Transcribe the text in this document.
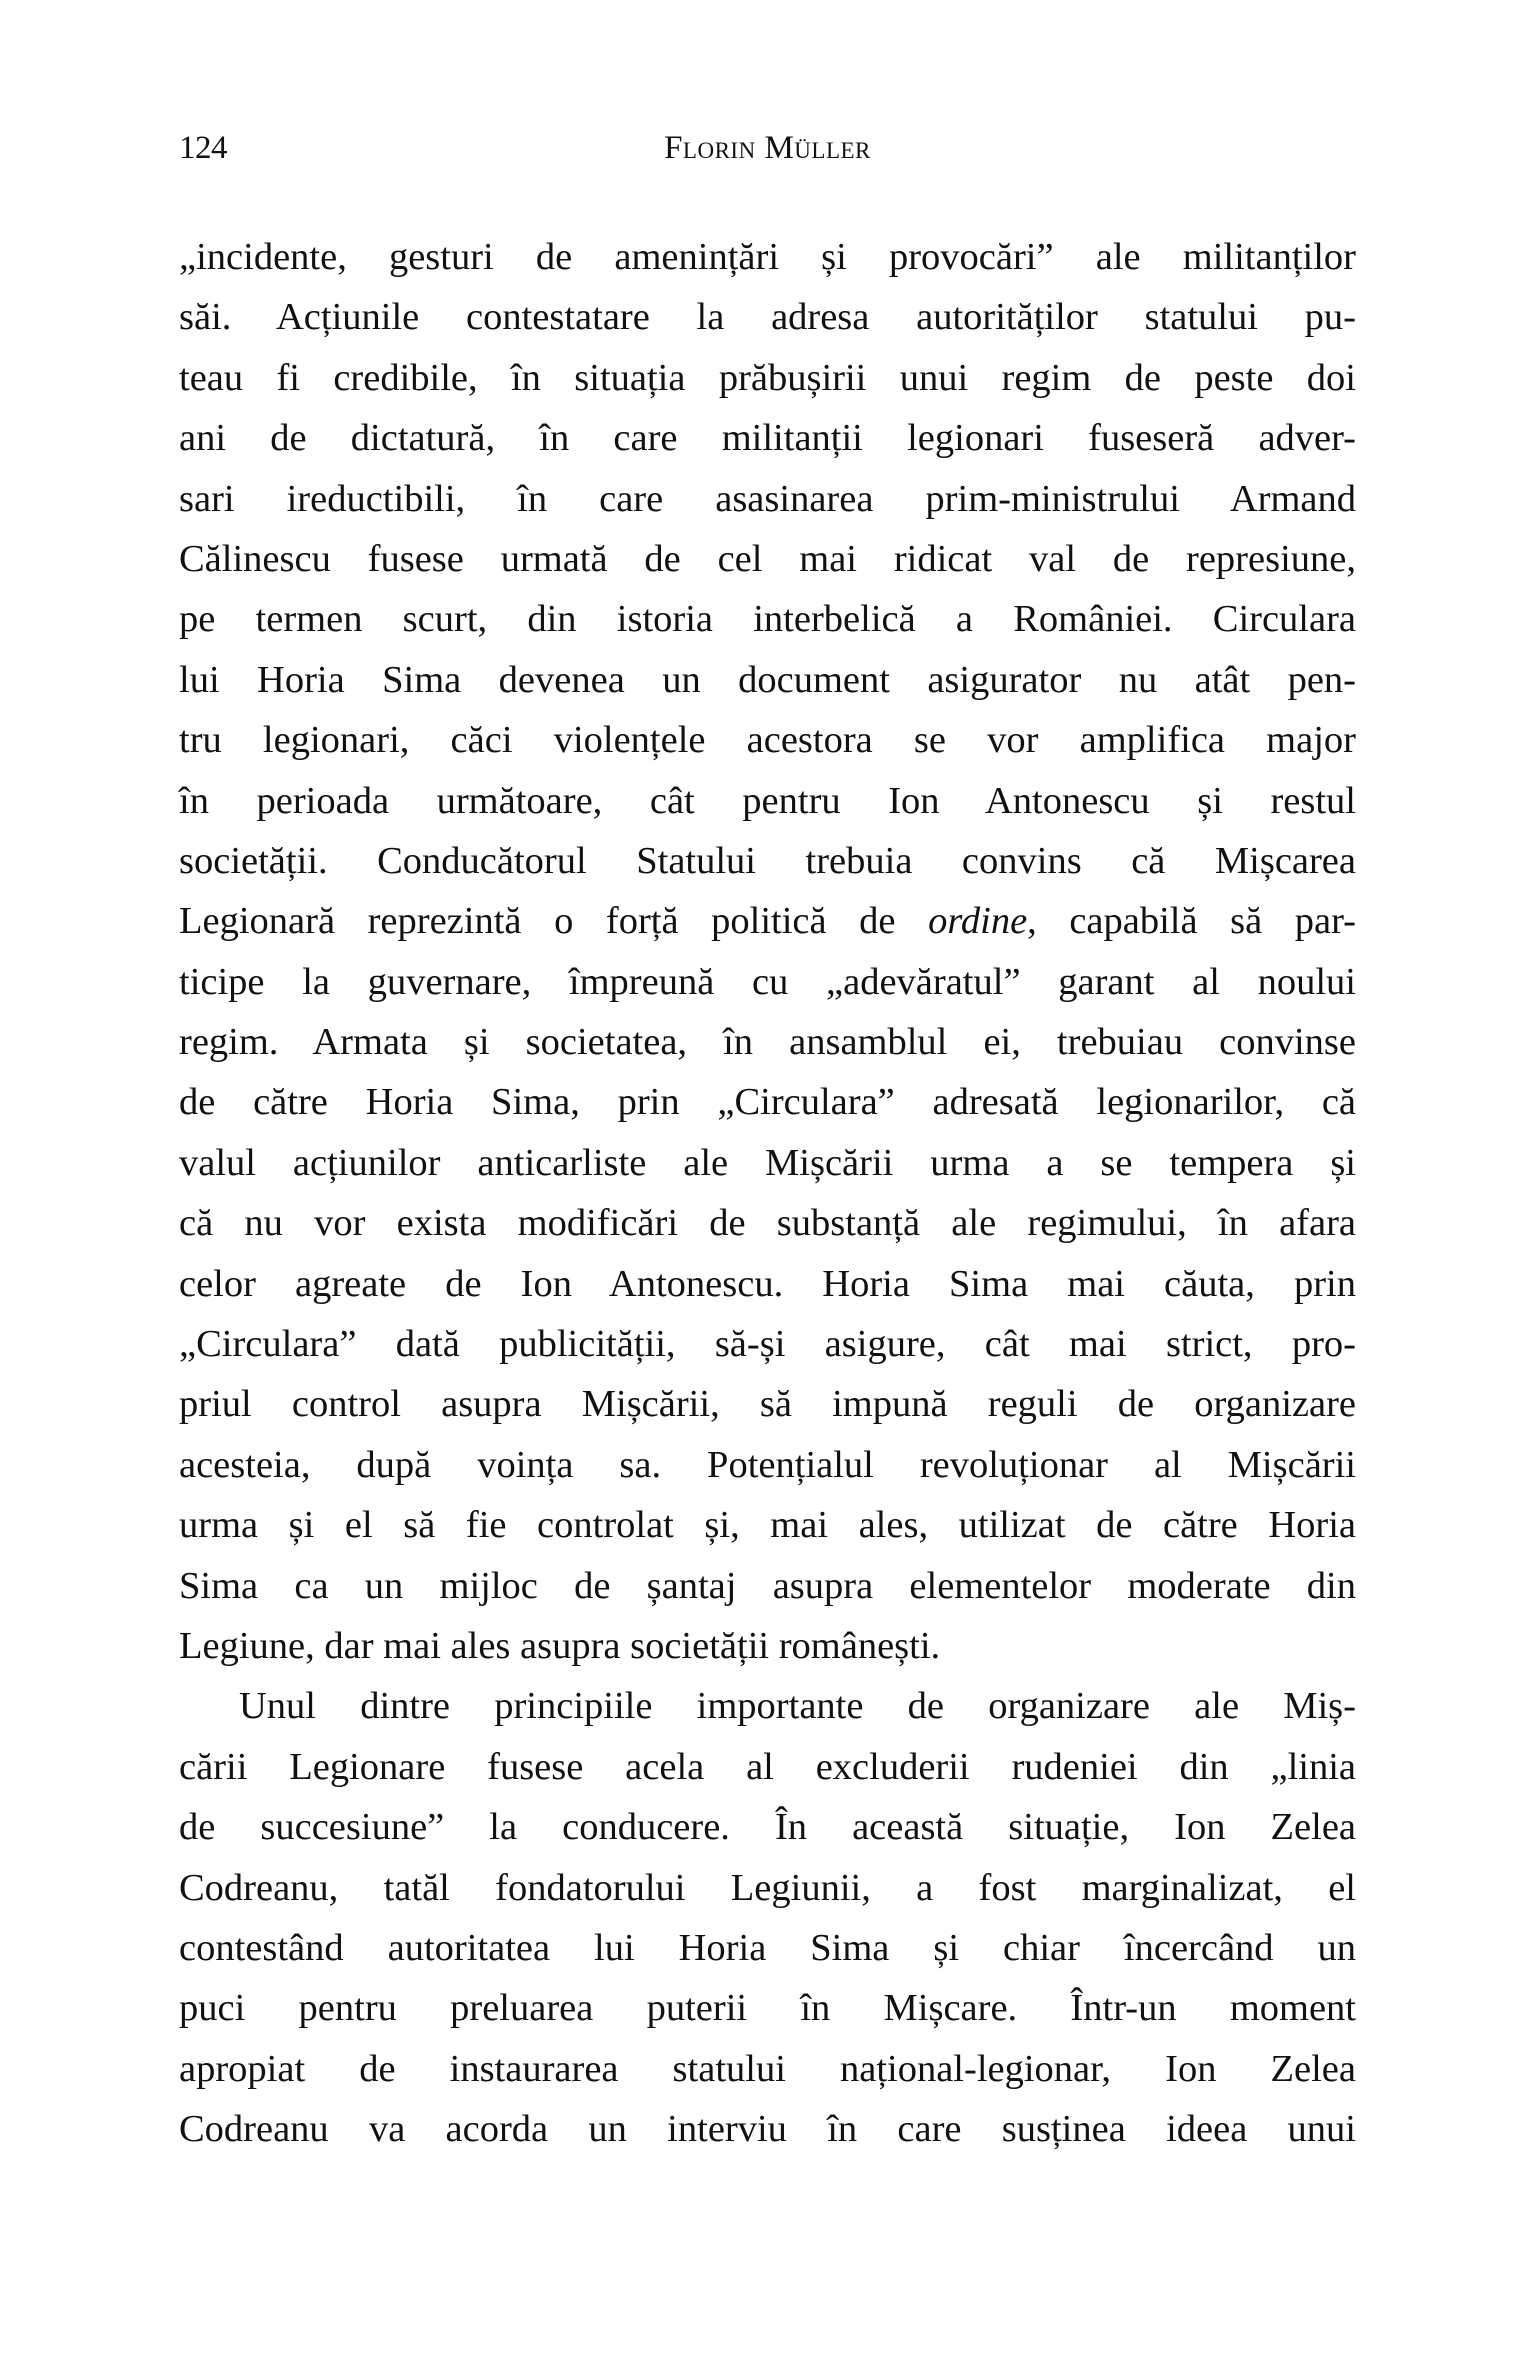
124	Florin Müller
„incidente, gesturi de amenințări și provocări” ale militanților
săi. Acțiunile contestatare la adresa autorităților statului pu-
teau fi credibile, în situația prăbușirii unui regim de peste doi
ani de dictatură, în care militanții legionari fuseseră adver-
sari ireductibili, în care asasinarea prim-ministrului Armand
Călinescu fusese urmată de cel mai ridicat val de represiune,
pe termen scurt, din istoria interbelică a României. Circulara
lui Horia Sima devenea un document asigurator nu atât pen-
tru legionari, căci violențele acestora se vor amplifica major
în perioada următoare, cât pentru Ion Antonescu și restul
societății. Conducătorul Statului trebuia convins că Mișcarea
Legionară reprezintă o forță politică de ordine, capabilă să par-
ticipe la guvernare, împreună cu „adevăratul” garant al noului
regim. Armata și societatea, în ansamblul ei, trebuiau convinse
de către Horia Sima, prin „Circulara” adresată legionarilor, că
valul acțiunilor anticarliste ale Mișcării urma a se tempera și
că nu vor exista modificări de substanță ale regimului, în afara
celor agreate de Ion Antonescu. Horia Sima mai căuta, prin
„Circulara” dată publicității, să-și asigure, cât mai strict, pro-
priul control asupra Mișcării, să impună reguli de organizare
acesteia, după voința sa. Potențialul revoluționar al Mișcării
urma și el să fie controlat și, mai ales, utilizat de către Horia
Sima ca un mijloc de șantaj asupra elementelor moderate din
Legiune, dar mai ales asupra societății românești.
Unul dintre principiile importante de organizare ale Miș-
cării Legionare fusese acela al excluderii rudeniei din „linia
de succesiune” la conducere. În această situație, Ion Zelea
Codreanu, tatăl fondatorului Legiunii, a fost marginalizat, el
contestând autoritatea lui Horia Sima și chiar încercând un
puci pentru preluarea puterii în Mișcare. Într-un moment
apropiat de instaurarea statului național-legionar, Ion Zelea
Codreanu va acorda un interviu în care susținea ideea unui
